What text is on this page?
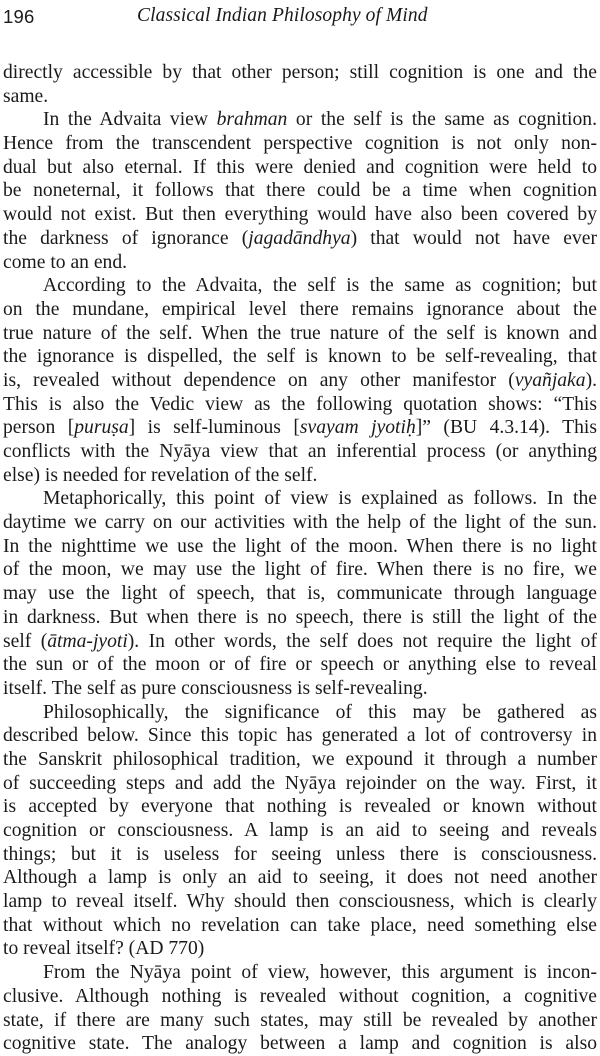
196	Classical Indian Philosophy of Mind
directly accessible by that other person; still cognition is one and the
same.
In the Advaita view brahman or the self is the same as cognition.
Hence from the transcendent perspective cognition is not only non-
dual but also eternal. If this were denied and cognition were held to
be noneternal, it follows that there could be a time when cognition
would not exist. But then everything would have also been covered by
the darkness of ignorance (jagadāndhya) that would not have ever
come to an end.
According to the Advaita, the self is the same as cognition; but
on the mundane, empirical level there remains ignorance about the
true nature of the self. When the true nature of the self is known and
the ignorance is dispelled, the self is known to be self-revealing, that
is, revealed without dependence on any other manifestor (vyañjaka).
This is also the Vedic view as the following quotation shows: “This
person [puruṣa] is self-luminous [svayam jyotiḥ]” (BU 4.3.14). This
conflicts with the Nyāya view that an inferential process (or anything
else) is needed for revelation of the self.
Metaphorically, this point of view is explained as follows. In the
daytime we carry on our activities with the help of the light of the sun.
In the nighttime we use the light of the moon. When there is no light
of the moon, we may use the light of fire. When there is no fire, we
may use the light of speech, that is, communicate through language
in darkness. But when there is no speech, there is still the light of the
self (ātma-jyoti). In other words, the self does not require the light of
the sun or of the moon or of fire or speech or anything else to reveal
itself. The self as pure consciousness is self-revealing.
Philosophically, the significance of this may be gathered as
described below. Since this topic has generated a lot of controversy in
the Sanskrit philosophical tradition, we expound it through a number
of succeeding steps and add the Nyāya rejoinder on the way. First, it
is accepted by everyone that nothing is revealed or known without
cognition or consciousness. A lamp is an aid to seeing and reveals
things; but it is useless for seeing unless there is consciousness.
Although a lamp is only an aid to seeing, it does not need another
lamp to reveal itself. Why should then consciousness, which is clearly
that without which no revelation can take place, need something else
to reveal itself? (AD 770)
From the Nyāya point of view, however, this argument is incon-
clusive. Although nothing is revealed without cognition, a cognitive
state, if there are many such states, may still be revealed by another
cognitive state. The analogy between a lamp and cognition is also
